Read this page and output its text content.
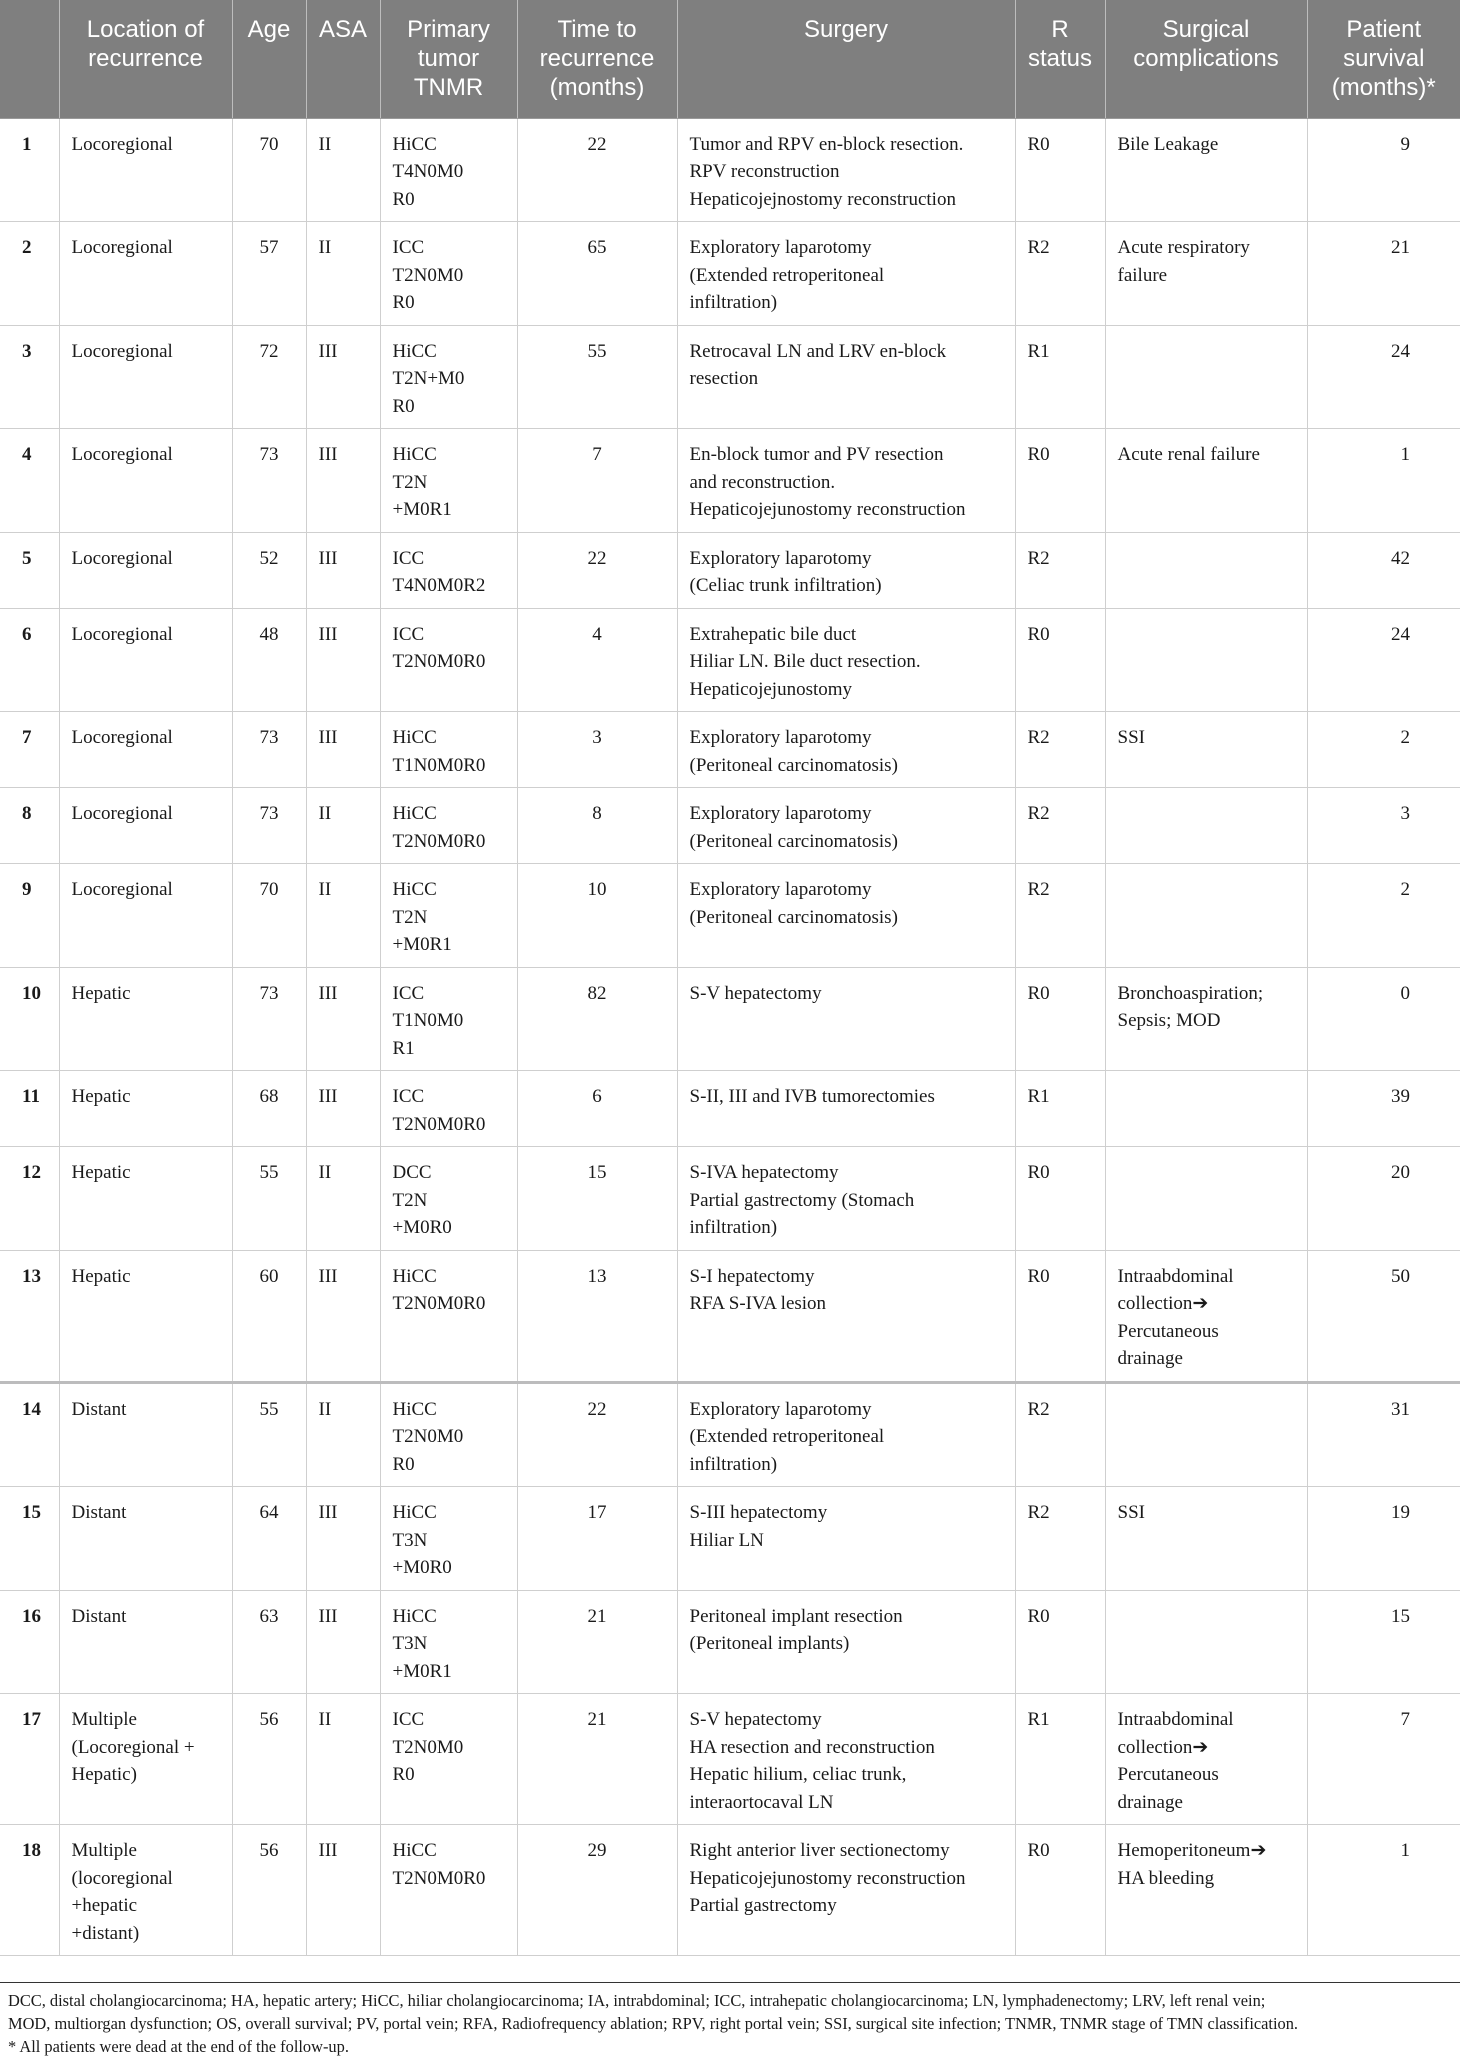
	Location of recurrence	Age	ASA	Primary tumor TNMR	Time to recurrence (months)	Surgery	R status	Surgical complications	Patient survival (months)*
1	Locoregional	70	II	HiCC
T4N0M0
R0	22	Tumor and RPV en-block resection.
RPV reconstruction
Hepaticojejnostomy reconstruction	R0	Bile Leakage	9
2	Locoregional	57	II	ICC
T2N0M0
R0	65	Exploratory laparotomy
(Extended retroperitoneal
infiltration)	R2	Acute respiratory
failure	21
3	Locoregional	72	III	HiCC
T2N+M0
R0	55	Retrocaval LN and LRV en-block
resection	R1		24
4	Locoregional	73	III	HiCC
T2N
+M0R1	7	En-block tumor and PV resection
and reconstruction.
Hepaticojejunostomy reconstruction	R0	Acute renal failure	1
5	Locoregional	52	III	ICC
T4N0M0R2	22	Exploratory laparotomy
(Celiac trunk infiltration)	R2		42
6	Locoregional	48	III	ICC
T2N0M0R0	4	Extrahepatic bile duct
Hiliar LN. Bile duct resection.
Hepaticojejunostomy	R0		24
7	Locoregional	73	III	HiCC
T1N0M0R0	3	Exploratory laparotomy
(Peritoneal carcinomatosis)	R2	SSI	2
8	Locoregional	73	II	HiCC
T2N0M0R0	8	Exploratory laparotomy
(Peritoneal carcinomatosis)	R2		3
9	Locoregional	70	II	HiCC
T2N
+M0R1	10	Exploratory laparotomy
(Peritoneal carcinomatosis)	R2		2
10	Hepatic	73	III	ICC
T1N0M0
R1	82	S-V hepatectomy	R0	Bronchoaspiration;
Sepsis; MOD	0
11	Hepatic	68	III	ICC
T2N0M0R0	6	S-II, III and IVB tumorectomies	R1		39
12	Hepatic	55	II	DCC
T2N
+M0R0	15	S-IVA hepatectomy
Partial gastrectomy (Stomach
infiltration)	R0		20
13	Hepatic	60	III	HiCC
T2N0M0R0	13	S-I hepatectomy
RFA S-IVA lesion	R0	Intraabdominal
collection➔
Percutaneous
drainage	50
14	Distant	55	II	HiCC
T2N0M0
R0	22	Exploratory laparotomy
(Extended retroperitoneal
infiltration)	R2		31
15	Distant	64	III	HiCC
T3N
+M0R0	17	S-III hepatectomy
Hiliar LN	R2	SSI	19
16	Distant	63	III	HiCC
T3N
+M0R1	21	Peritoneal implant resection
(Peritoneal implants)	R0		15
17	Multiple
(Locoregional +
Hepatic)	56	II	ICC
T2N0M0
R0	21	S-V hepatectomy
HA resection and reconstruction
Hepatic hilium, celiac trunk,
interaortocaval LN	R1	Intraabdominal
collection➔
Percutaneous
drainage	7
18	Multiple
(locoregional
+hepatic
+distant)	56	III	HiCC
T2N0M0R0	29	Right anterior liver sectionectomy
Hepaticojejunostomy reconstruction
Partial gastrectomy	R0	Hemoperitoneum➔
HA bleeding	1
DCC, distal cholangiocarcinoma; HA, hepatic artery; HiCC, hiliar cholangiocarcinoma; IA, intrabdominal; ICC, intrahepatic cholangiocarcinoma; LN, lymphadenectomy; LRV, left renal vein;
MOD, multiorgan dysfunction; OS, overall survival; PV, portal vein; RFA, Radiofrequency ablation; RPV, right portal vein; SSI, surgical site infection; TNMR, TNMR stage of TMN classification.
* All patients were dead at the end of the follow-up.
